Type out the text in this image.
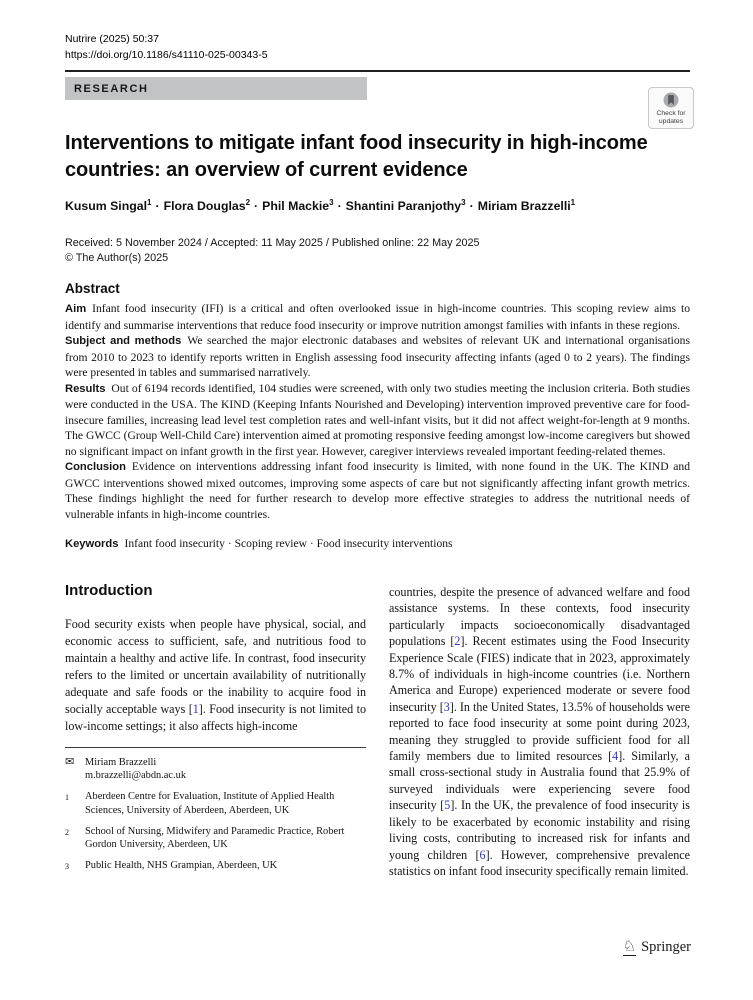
Nutrire (2025) 50:37
https://doi.org/10.1186/s41110-025-00343-5
RESEARCH
Check for updates
Interventions to mitigate infant food insecurity in high-income countries: an overview of current evidence
Kusum Singal$^1$ · Flora Douglas$^2$ · Phil Mackie$^3$ · Shantini Paranjothy$^3$ · Miriam Brazzelli$^1$
Received: 5 November 2024 / Accepted: 11 May 2025 / Published online: 22 May 2025
© The Author(s) 2025
Abstract

Aim Infant food insecurity (IFI) is a critical and often overlooked issue in high-income countries. This scoping review aims to identify and summarise interventions that reduce food insecurity or improve nutrition amongst families with infants in these regions.

Subject and methods We searched the major electronic databases and websites of relevant UK and international organisations from 2010 to 2023 to identify reports written in English assessing food insecurity affecting infants (aged 0 to 2 years). The findings were presented in tables and summarised narratively.

Results Out of 6194 records identified, 104 studies were screened, with only two studies meeting the inclusion criteria. Both studies were conducted in the USA. The KIND (Keeping Infants Nourished and Developing) intervention improved preventive care for food-insecure families, increasing lead level test completion rates and well-infant visits, but it did not affect weight-for-length at 9 months. The GWCC (Group Well-Child Care) intervention aimed at promoting responsive feeding amongst low-income caregivers but showed no significant impact on infant growth in the first year. However, caregiver interviews revealed important feeding-related themes.

Conclusion Evidence on interventions addressing infant food insecurity is limited, with none found in the UK. The KIND and GWCC interventions showed mixed outcomes, improving some aspects of care but not significantly affecting infant growth metrics. These findings highlight the need for further research to develop more effective strategies to address the nutritional needs of vulnerable infants in high-income countries.

Keywords Infant food insecurity · Scoping review · Food insecurity interventions
Introduction

Food security exists when people have physical, social, and economic access to sufficient, safe, and nutritious food to maintain a healthy and active life. In contrast, food insecurity refers to the limited or uncertain availability of nutritionally adequate and safe foods or the inability to acquire food in socially acceptable ways [1]. Food insecurity is not limited to low-income settings; it also affects high-income

✉	Miriam Brazzelli
m.brazzelli@abdn.ac.uk
1	Aberdeen Centre for Evaluation, Institute of Applied Health Sciences, University of Aberdeen, Aberdeen, UK
2	School of Nursing, Midwifery and Paramedic Practice, Robert Gordon University, Aberdeen, UK
3	Public Health, NHS Grampian, Aberdeen, UK

countries, despite the presence of advanced welfare and food assistance systems. In these contexts, food insecurity particularly impacts socioeconomically disadvantaged populations [2]. Recent estimates using the Food Insecurity Experience Scale (FIES) indicate that in 2023, approximately 8.7% of individuals in high-income countries (i.e. Northern America and Europe) experienced moderate or severe food insecurity [3]. In the United States, 13.5% of households were reported to face food insecurity at some point during 2023, meaning they struggled to provide sufficient food for all family members due to limited resources [4]. Similarly, a small cross-sectional study in Australia found that 25.9% of surveyed individuals were experiencing severe food insecurity [5]. In the UK, the prevalence of food insecurity is likely to be exacerbated by economic instability and rising living costs, contributing to increased risk for infants and young children [6]. However, comprehensive prevalence statistics on infant food insecurity specifically remain limited.

♘ Springer
